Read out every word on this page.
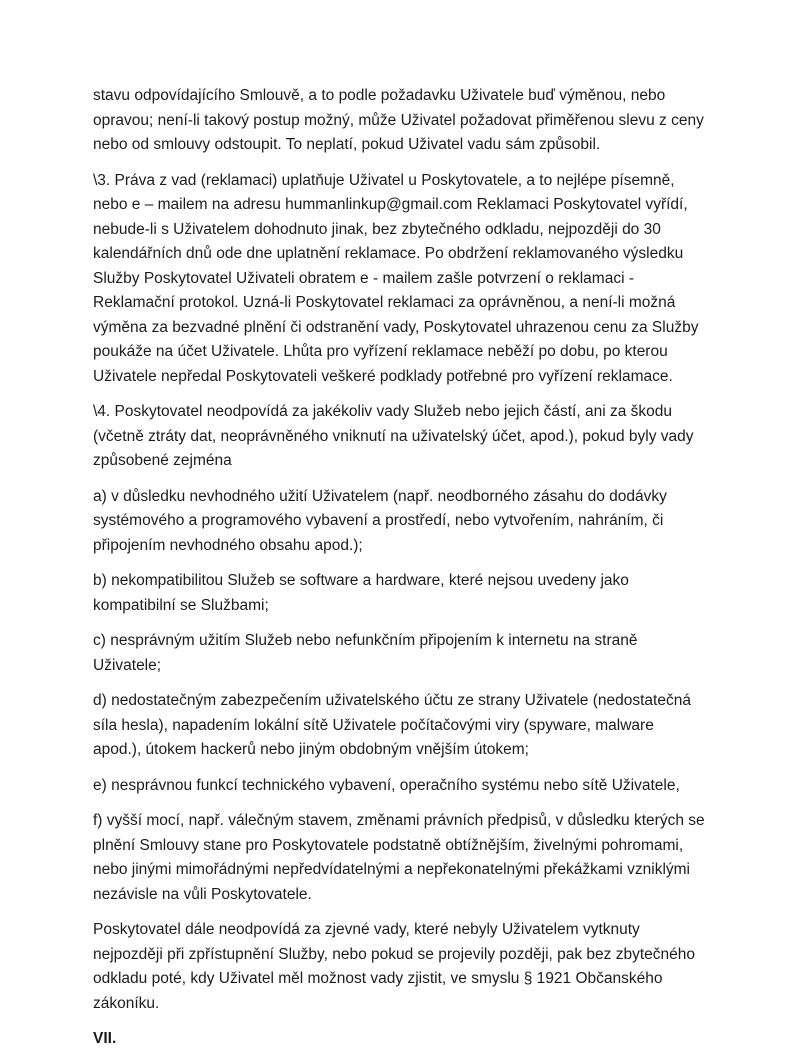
stavu odpovídajícího Smlouvě, a to podle požadavku Uživatele buď výměnou, nebo opravou; není-li takový postup možný, může Uživatel požadovat přiměřenou slevu z ceny nebo od smlouvy odstoupit. To neplatí, pokud Uživatel vadu sám způsobil.

\3. Práva z vad (reklamaci) uplatňuje Uživatel u Poskytovatele, a to nejlépe písemně, nebo e – mailem na adresu hummanlinkup@gmail.com Reklamaci Poskytovatel vyřídí, nebude-li s Uživatelem dohodnuto jinak, bez zbytečného odkladu, nejpozději do 30 kalendářních dnů ode dne uplatnění reklamace. Po obdržení reklamovaného výsledku Služby Poskytovatel Uživateli obratem e - mailem zašle potvrzení o reklamaci - Reklamační protokol. Uzná-li Poskytovatel reklamaci za oprávněnou, a není-li možná výměna za bezvadné plnění či odstranění vady, Poskytovatel uhrazenou cenu za Služby poukáže na účet Uživatele. Lhůta pro vyřízení reklamace neběží po dobu, po kterou Uživatele nepředal Poskytovateli veškeré podklady potřebné pro vyřízení reklamace.

\4. Poskytovatel neodpovídá za jakékoliv vady Služeb nebo jejich částí, ani za škodu (včetně ztráty dat, neoprávněného vniknutí na uživatelský účet, apod.), pokud byly vady způsobené zejména

a) v důsledku nevhodného užití Uživatelem (např. neodborného zásahu do dodávky systémového a programového vybavení a prostředí, nebo vytvořením, nahráním, či připojením nevhodného obsahu apod.);

b) nekompatibilitou Služeb se software a hardware, které nejsou uvedeny jako kompatibilní se Službami;

c) nesprávným užitím Služeb nebo nefunkčním připojením k internetu na straně Uživatele;

d) nedostatečným zabezpečením uživatelského účtu ze strany Uživatele (nedostatečná síla hesla), napadením lokální sítě Uživatele počítačovými viry (spyware, malware apod.), útokem hackerů nebo jiným obdobným vnějším útokem;

e) nesprávnou funkcí technického vybavení, operačního systému nebo sítě Uživatele,

f) vyšší mocí, např. válečným stavem, změnami právních předpisů, v důsledku kterých se plnění Smlouvy stane pro Poskytovatele podstatně obtížnějším, živelnými pohromami, nebo jinými mimořádnými nepředvídatelnými a nepřekonatelnými překážkami vzniklými nezávisle na vůli Poskytovatele.

Poskytovatel dále neodpovídá za zjevné vady, které nebyly Uživatelem vytknuty nejpozději při zpřístupnění Služby, nebo pokud se projevily později, pak bez zbytečného odkladu poté, kdy Uživatel měl možnost vady zjistit, ve smyslu § 1921 Občanského zákoníku.

VII.
